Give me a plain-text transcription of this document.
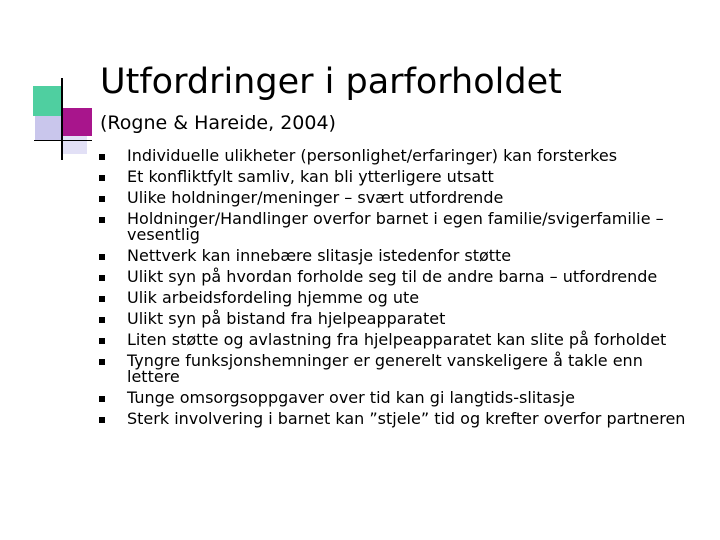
Utfordringer i parforholdet
(Rogne & Hareide, 2004)
Individuelle ulikheter (personlighet/erfaringer) kan forsterkes
Et konfliktfylt samliv, kan bli ytterligere utsatt
Ulike holdninger/meninger – svært utfordrende
Holdninger/Handlinger overfor barnet i egen familie/svigerfamilie – vesentlig
Nettverk kan innebære slitasje istedenfor støtte
Ulikt syn på hvordan forholde seg til de andre barna – utfordrende
Ulik arbeidsfordeling hjemme og ute
Ulikt syn på bistand fra hjelpeapparatet
Liten støtte og avlastning fra hjelpeapparatet kan slite på forholdet
Tyngre funksjonshemninger er generelt vanskeligere å takle enn lettere
Tunge omsorgsoppgaver over tid kan gi langtids-slitasje
Sterk involvering i barnet kan ”stjele” tid og krefter overfor partneren
